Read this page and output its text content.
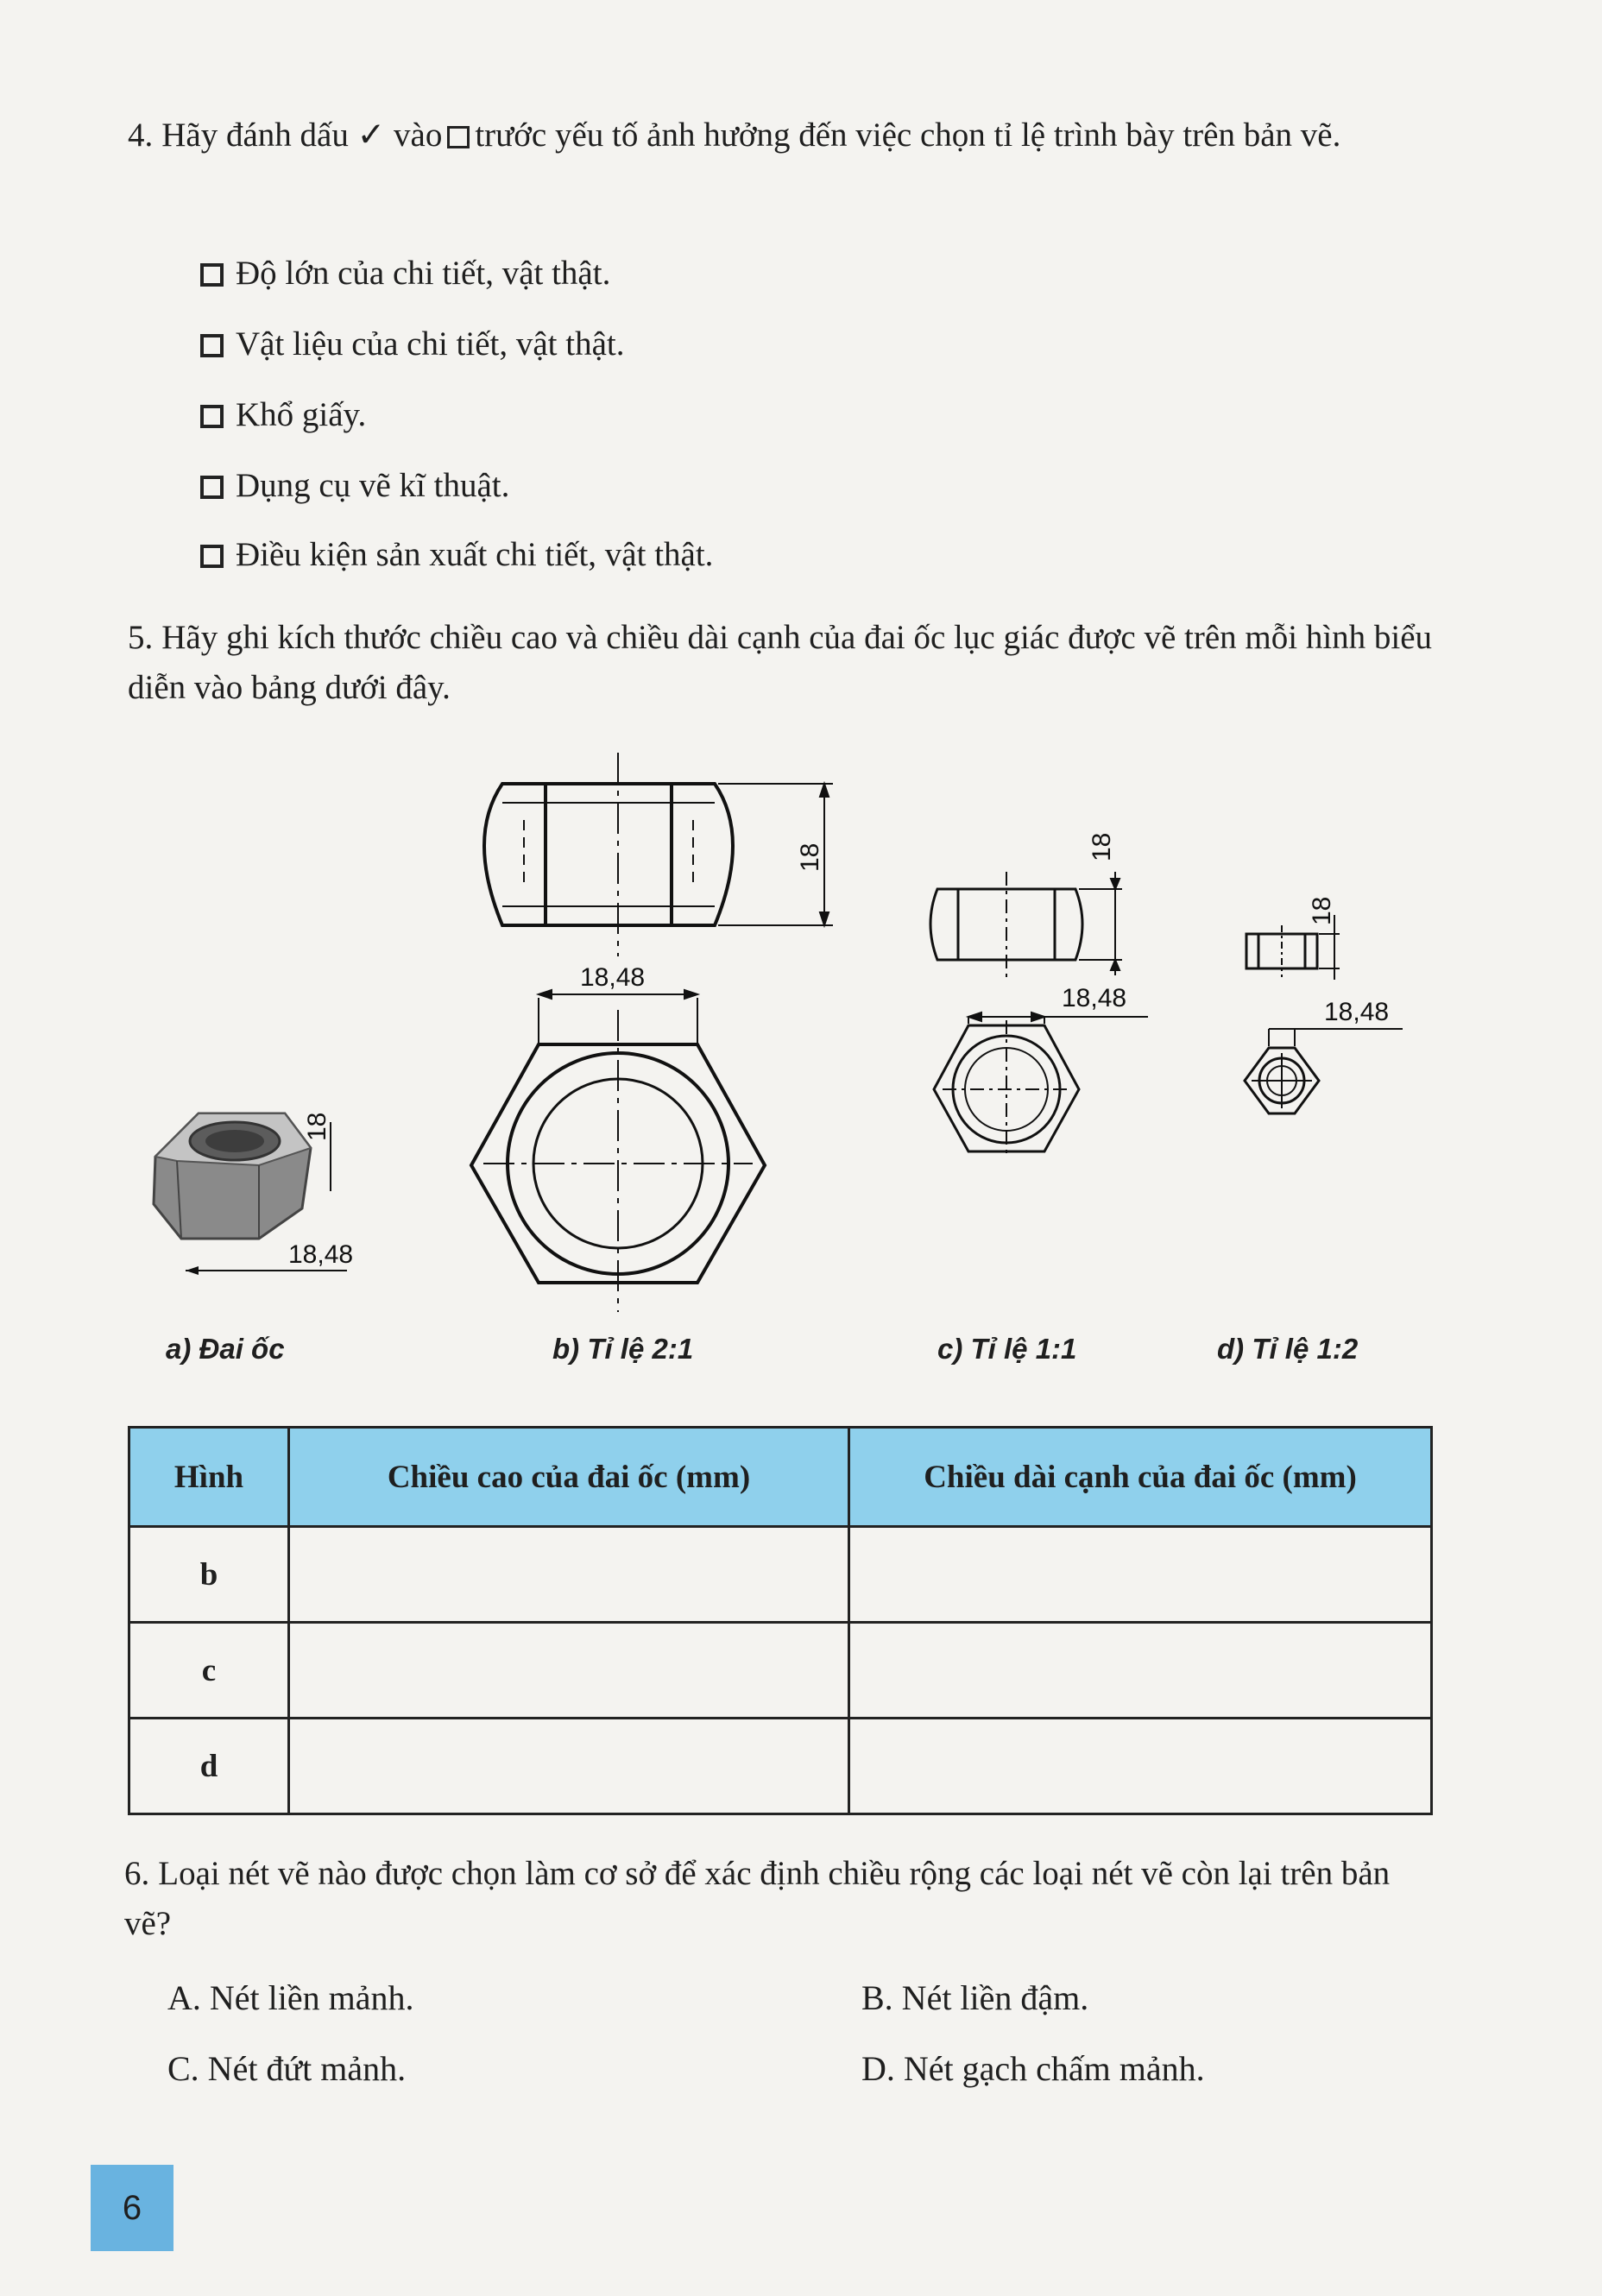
4. Hãy đánh dấu ✓ vào trước yếu tố ảnh hưởng đến việc chọn tỉ lệ trình bày trên bản vẽ.
Độ lớn của chi tiết, vật thật.
Vật liệu của chi tiết, vật thật.
Khổ giấy.
Dụng cụ vẽ kĩ thuật.
Điều kiện sản xuất chi tiết, vật thật.
5. Hãy ghi kích thước chiều cao và chiều dài cạnh của đai ốc lục giác được vẽ trên mỗi hình biểu diễn vào bảng dưới đây.
18
18,48
18
18,48
18
18,48
18
18,48
a) Đai ốc	b) Tỉ lệ 2:1	c) Tỉ lệ 1:1	d) Tỉ lệ 1:2
Hình	Chiều cao của đai ốc (mm)	Chiều dài cạnh của đai ốc (mm)
b		
c		
d		
6. Loại nét vẽ nào được chọn làm cơ sở để xác định chiều rộng các loại nét vẽ còn lại trên bản vẽ?
A. Nét liền mảnh.	B. Nét liền đậm.
C. Nét đứt mảnh.	D. Nét gạch chấm mảnh.
6
